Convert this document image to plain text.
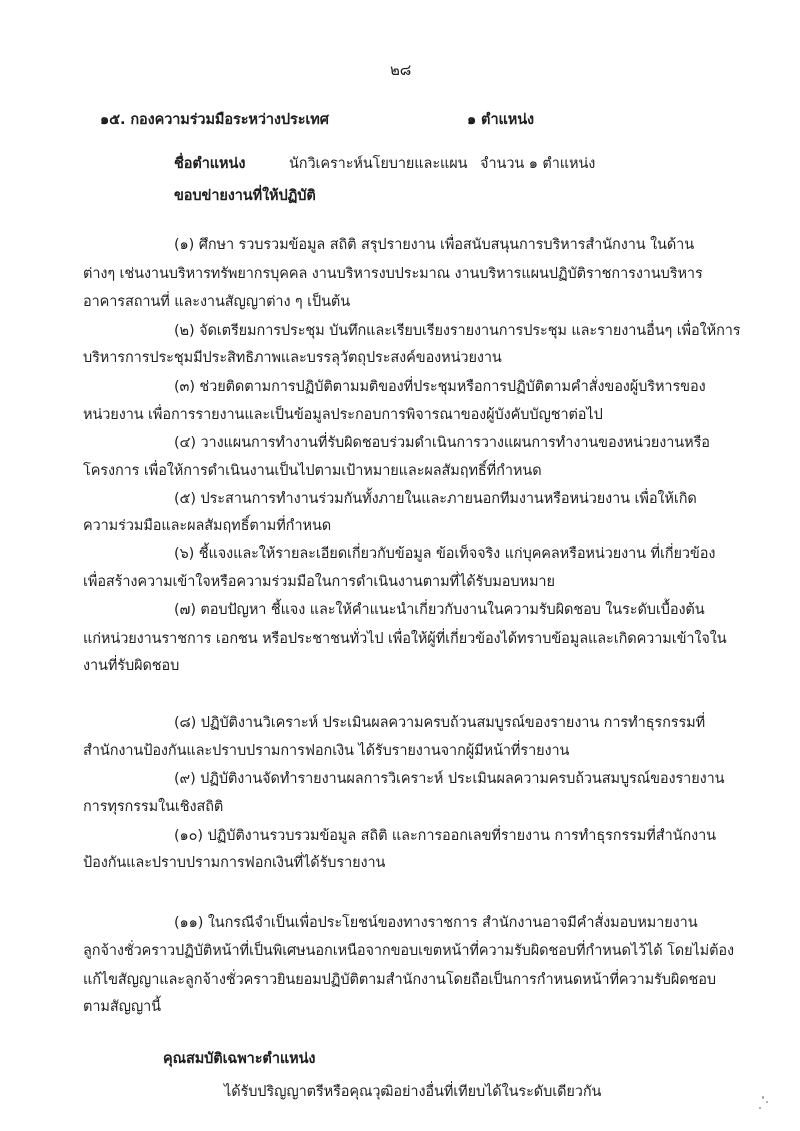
๒๘
๑๕. กองความร่วมมือระหว่างประเทศ	๑ ตำแหน่ง
ชื่อตำแหน่ง	นักวิเคราะห์นโยบายและแผน จำนวน ๑ ตำแหน่ง
ขอบข่ายงานที่ให้ปฏิบัติ
(๑) ศึกษา รวบรวมข้อมูล สถิติ สรุปรายงาน เพื่อสนับสนุนการบริหารสำนักงาน ในด้าน
ต่างๆ เช่นงานบริหารทรัพยากรบุคคล งานบริหารงบประมาณ งานบริหารแผนปฏิบัติราชการงานบริหาร
อาคารสถานที่ และงานสัญญาต่าง ๆ เป็นต้น
(๒) จัดเตรียมการประชุม บันทึกและเรียบเรียงรายงานการประชุม และรายงานอื่นๆ เพื่อให้การ
บริหารการประชุมมีประสิทธิภาพและบรรลุวัตถุประสงค์ของหน่วยงาน
(๓) ช่วยติดตามการปฏิบัติตามมติของที่ประชุมหรือการปฏิบัติตามคำสั่งของผู้บริหารของ
หน่วยงาน เพื่อการรายงานและเป็นข้อมูลประกอบการพิจารณาของผู้บังคับบัญชาต่อไป
(๔) วางแผนการทำงานที่รับผิดชอบร่วมดำเนินการวางแผนการทำงานของหน่วยงานหรือ
โครงการ เพื่อให้การดำเนินงานเป็นไปตามเป้าหมายและผลสัมฤทธิ์ที่กำหนด
(๕) ประสานการทำงานร่วมกันทั้งภายในและภายนอกทีมงานหรือหน่วยงาน เพื่อให้เกิด
ความร่วมมือและผลสัมฤทธิ์ตามที่กำหนด
(๖) ชี้แจงและให้รายละเอียดเกี่ยวกับข้อมูล ข้อเท็จจริง แก่บุคคลหรือหน่วยงาน ที่เกี่ยวข้อง
เพื่อสร้างความเข้าใจหรือความร่วมมือในการดำเนินงานตามที่ได้รับมอบหมาย
(๗) ตอบปัญหา ชี้แจง และให้คำแนะนำเกี่ยวกับงานในความรับผิดชอบ ในระดับเบื้องต้น
แก่หน่วยงานราชการ เอกชน หรือประชาชนทั่วไป เพื่อให้ผู้ที่เกี่ยวข้องได้ทราบข้อมูลและเกิดความเข้าใจใน
งานที่รับผิดชอบ
(๘) ปฏิบัติงานวิเคราะห์ ประเมินผลความครบถ้วนสมบูรณ์ของรายงาน การทำธุรกรรมที่
สำนักงานป้องกันและปราบปรามการฟอกเงิน ได้รับรายงานจากผู้มีหน้าที่รายงาน
(๙) ปฏิบัติงานจัดทำรายงานผลการวิเคราะห์ ประเมินผลความครบถ้วนสมบูรณ์ของรายงาน
การทุรกรรมในเชิงสถิติ
(๑๐) ปฏิบัติงานรวบรวมข้อมูล สถิติ และการออกเลขที่รายงาน การทำธุรกรรมที่สำนักงาน
ป้องกันและปราบปรามการฟอกเงินที่ได้รับรายงาน
(๑๑) ในกรณีจำเป็นเพื่อประโยชน์ของทางราชการ สำนักงานอาจมีคำสั่งมอบหมายงาน
ลูกจ้างชั่วคราวปฏิบัติหน้าที่เป็นพิเศษนอกเหนือจากขอบเขตหน้าที่ความรับผิดชอบที่กำหนดไว้ได้ โดยไม่ต้อง
แก้ไขสัญญาและลูกจ้างชั่วคราวยินยอมปฏิบัติตามสำนักงานโดยถือเป็นการกำหนดหน้าที่ความรับผิดชอบ
ตามสัญญานี้
คุณสมบัติเฉพาะตำแหน่ง
ได้รับปริญญาตรีหรือคุณวุฒิอย่างอื่นที่เทียบได้ในระดับเดียวกัน
